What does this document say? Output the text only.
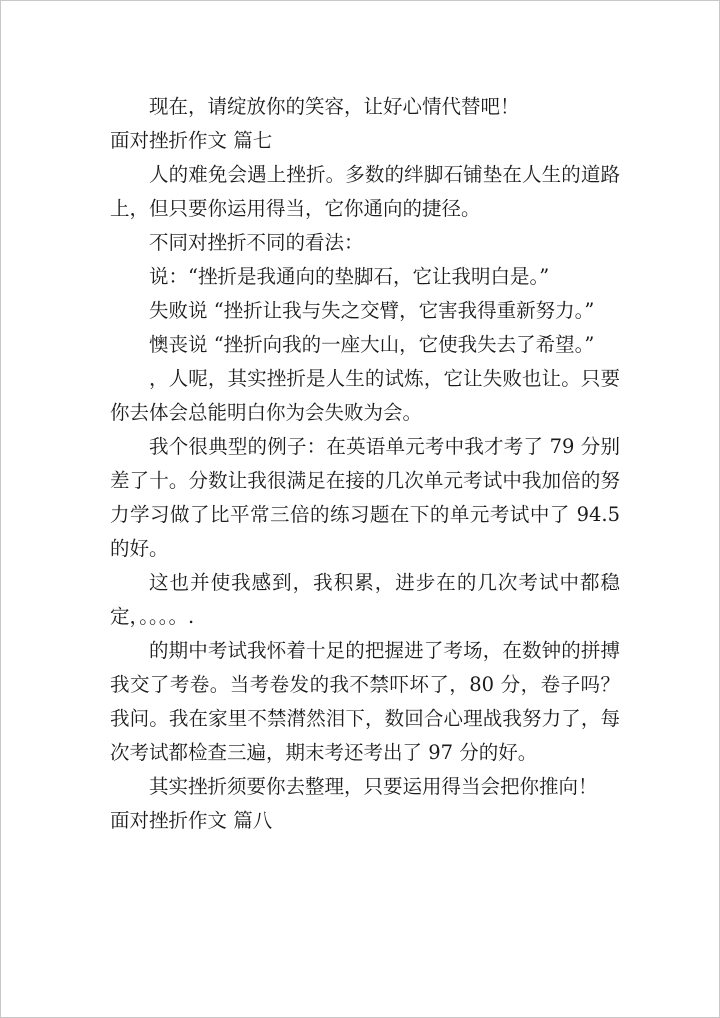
现在，请绽放你的笑容，让好心情代替吧！

面对挫折作文 篇七

人的难免会遇上挫折。多数的绊脚石铺垫在人生的道路上，但只要你运用得当，它你通向的捷径。

不同对挫折不同的看法：

说：“挫折是我通向的垫脚石，它让我明白是。”

失败说 “挫折让我与失之交臂，它害我得重新努力。”

懊丧说 “挫折向我的一座大山，它使我失去了希望。”

，人呢，其实挫折是人生的试炼，它让失败也让。只要你去体会总能明白你为会失败为会。

我个很典型的例子：在英语单元考中我才考了 79 分别差了十。分数让我很满足在接的几次单元考试中我加倍的努力学习做了比平常三倍的练习题在下的单元考试中了 94.5 的好。

这也并使我感到，我积累，进步在的几次考试中都稳定，。。。。.

的期中考试我怀着十足的把握进了考场，在数钟的拼搏我交了考卷。当考卷发的我不禁吓坏了，80 分，卷子吗？我问。我在家里不禁潸然泪下，数回合心理战我努力了，每次考试都检查三遍，期末考还考出了 97 分的好。

其实挫折须要你去整理，只要运用得当会把你推向！

面对挫折作文 篇八
